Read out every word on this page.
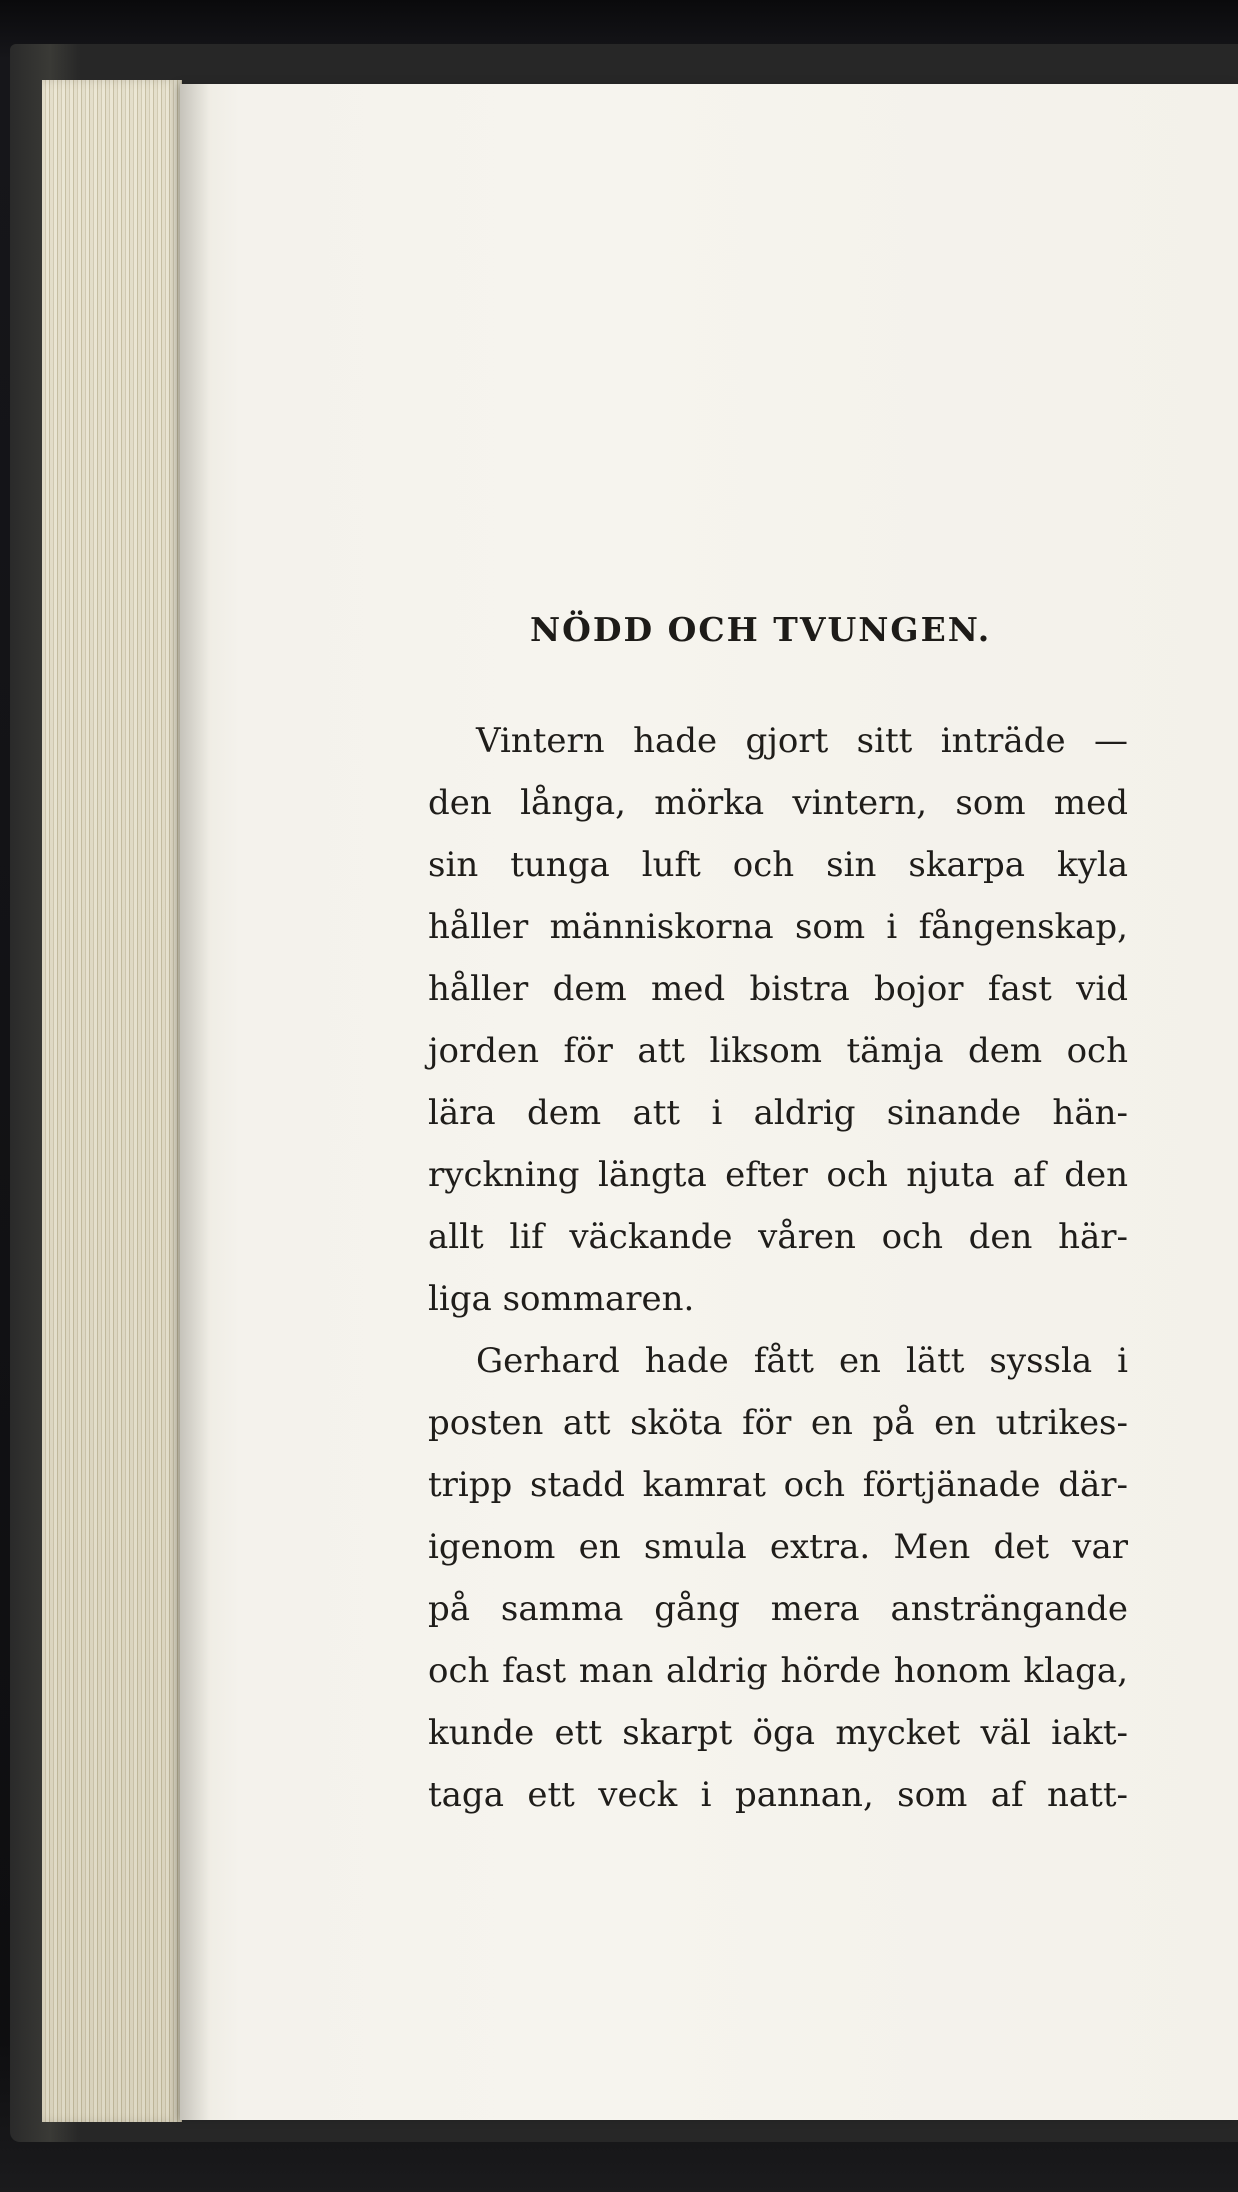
NÖDD OCH TVUNGEN.
Vintern hade gjort sitt inträde —
den långa, mörka vintern, som med
sin tunga luft och sin skarpa kyla
håller människorna som i fångenskap,
håller dem med bistra bojor fast vid
jorden för att liksom tämja dem och
lära dem att i aldrig sinande hän-
ryckning längta efter och njuta af den
allt lif väckande våren och den här-
liga sommaren.
Gerhard hade fått en lätt syssla i
posten att sköta för en på en utrikes-
tripp stadd kamrat och förtjänade där-
igenom en smula extra. Men det var
på samma gång mera ansträngande
och fast man aldrig hörde honom klaga,
kunde ett skarpt öga mycket väl iakt-
taga ett veck i pannan, som af natt-
